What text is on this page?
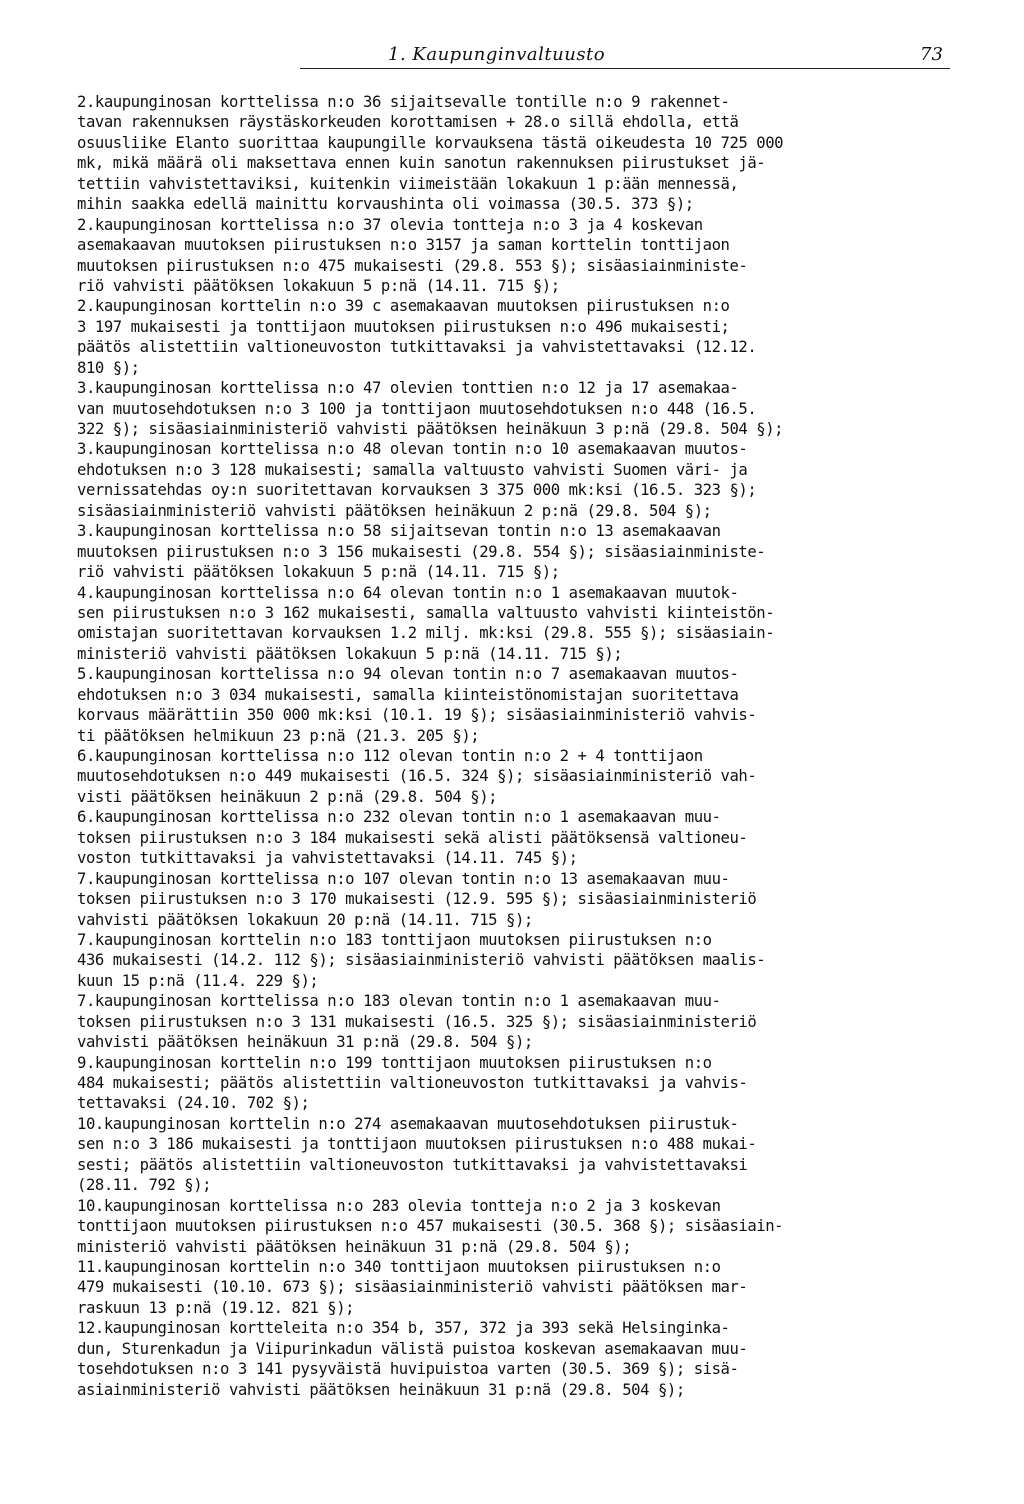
1. Kaupunginvaltuusto	73
2.kaupunginosan korttelissa n:o 36 sijaitsevalle tontille n:o 9 rakennet-
tavan rakennuksen räystäskorkeuden korottamisen + 28.o sillä ehdolla, että
osuusliike Elanto suorittaa kaupungille korvauksena tästä oikeudesta 10 725 000
mk, mikä määrä oli maksettava ennen kuin sanotun rakennuksen piirustukset jä-
tettiin vahvistettaviksi, kuitenkin viimeistään lokakuun 1 p:ään mennessä,
mihin saakka edellä mainittu korvaushinta oli voimassa (30.5. 373 §);
2.kaupunginosan korttelissa n:o 37 olevia tontteja n:o 3 ja 4 koskevan
asemakaavan muutoksen piirustuksen n:o 3157 ja saman korttelin tonttijaon
muutoksen piirustuksen n:o 475 mukaisesti (29.8. 553 §); sisäasiainministe-
riö vahvisti päätöksen lokakuun 5 p:nä (14.11. 715 §);
2.kaupunginosan korttelin n:o 39 c asemakaavan muutoksen piirustuksen n:o
3 197 mukaisesti ja tonttijaon muutoksen piirustuksen n:o 496 mukaisesti;
päätös alistettiin valtioneuvoston tutkittavaksi ja vahvistettavaksi (12.12.
810 §);
3.kaupunginosan korttelissa n:o 47 olevien tonttien n:o 12 ja 17 asemakaa-
van muutosehdotuksen n:o 3 100 ja tonttijaon muutosehdotuksen n:o 448 (16.5.
322 §); sisäasiainministeriö vahvisti päätöksen heinäkuun 3 p:nä (29.8. 504 §);
3.kaupunginosan korttelissa n:o 48 olevan tontin n:o 10 asemakaavan muutos-
ehdotuksen n:o 3 128 mukaisesti; samalla valtuusto vahvisti Suomen väri- ja
vernissatehdas oy:n suoritettavan korvauksen 3 375 000 mk:ksi (16.5. 323 §);
sisäasiainministeriö vahvisti päätöksen heinäkuun 2 p:nä (29.8. 504 §);
3.kaupunginosan korttelissa n:o 58 sijaitsevan tontin n:o 13 asemakaavan
muutoksen piirustuksen n:o 3 156 mukaisesti (29.8. 554 §); sisäasiainministe-
riö vahvisti päätöksen lokakuun 5 p:nä (14.11. 715 §);
4.kaupunginosan korttelissa n:o 64 olevan tontin n:o 1 asemakaavan muutok-
sen piirustuksen n:o 3 162 mukaisesti, samalla valtuusto vahvisti kiinteistön-
omistajan suoritettavan korvauksen 1.2 milj. mk:ksi (29.8. 555 §); sisäasiain-
ministeriö vahvisti päätöksen lokakuun 5 p:nä (14.11. 715 §);
5.kaupunginosan korttelissa n:o 94 olevan tontin n:o 7 asemakaavan muutos-
ehdotuksen n:o 3 034 mukaisesti, samalla kiinteistönomistajan suoritettava
korvaus määrättiin 350 000 mk:ksi (10.1. 19 §); sisäasiainministeriö vahvis-
ti päätöksen helmikuun 23 p:nä (21.3. 205 §);
6.kaupunginosan korttelissa n:o 112 olevan tontin n:o 2 + 4 tonttijaon
muutosehdotuksen n:o 449 mukaisesti (16.5. 324 §); sisäasiainministeriö vah-
visti päätöksen heinäkuun 2 p:nä (29.8. 504 §);
6.kaupunginosan korttelissa n:o 232 olevan tontin n:o 1 asemakaavan muu-
toksen piirustuksen n:o 3 184 mukaisesti sekä alisti päätöksensä valtioneu-
voston tutkittavaksi ja vahvistettavaksi (14.11. 745 §);
7.kaupunginosan korttelissa n:o 107 olevan tontin n:o 13 asemakaavan muu-
toksen piirustuksen n:o 3 170 mukaisesti (12.9. 595 §); sisäasiainministeriö
vahvisti päätöksen lokakuun 20 p:nä (14.11. 715 §);
7.kaupunginosan korttelin n:o 183 tonttijaon muutoksen piirustuksen n:o
436 mukaisesti (14.2. 112 §); sisäasiainministeriö vahvisti päätöksen maalis-
kuun 15 p:nä (11.4. 229 §);
7.kaupunginosan korttelissa n:o 183 olevan tontin n:o 1 asemakaavan muu-
toksen piirustuksen n:o 3 131 mukaisesti (16.5. 325 §); sisäasiainministeriö
vahvisti päätöksen heinäkuun 31 p:nä (29.8. 504 §);
9.kaupunginosan korttelin n:o 199 tonttijaon muutoksen piirustuksen n:o
484 mukaisesti; päätös alistettiin valtioneuvoston tutkittavaksi ja vahvis-
tettavaksi (24.10. 702 §);
10.kaupunginosan korttelin n:o 274 asemakaavan muutosehdotuksen piirustuk-
sen n:o 3 186 mukaisesti ja tonttijaon muutoksen piirustuksen n:o 488 mukai-
sesti; päätös alistettiin valtioneuvoston tutkittavaksi ja vahvistettavaksi
(28.11. 792 §);
10.kaupunginosan korttelissa n:o 283 olevia tontteja n:o 2 ja 3 koskevan
tonttijaon muutoksen piirustuksen n:o 457 mukaisesti (30.5. 368 §); sisäasiain-
ministeriö vahvisti päätöksen heinäkuun 31 p:nä (29.8. 504 §);
11.kaupunginosan korttelin n:o 340 tonttijaon muutoksen piirustuksen n:o
479 mukaisesti (10.10. 673 §); sisäasiainministeriö vahvisti päätöksen mar-
raskuun 13 p:nä (19.12. 821 §);
12.kaupunginosan kortteleita n:o 354 b, 357, 372 ja 393 sekä Helsinginka-
dun, Sturenkadun ja Viipurinkadun välistä puistoa koskevan asemakaavan muu-
tosehdotuksen n:o 3 141 pysyväistä huvipuistoa varten (30.5. 369 §); sisä-
asiainministeriö vahvisti päätöksen heinäkuun 31 p:nä (29.8. 504 §);
